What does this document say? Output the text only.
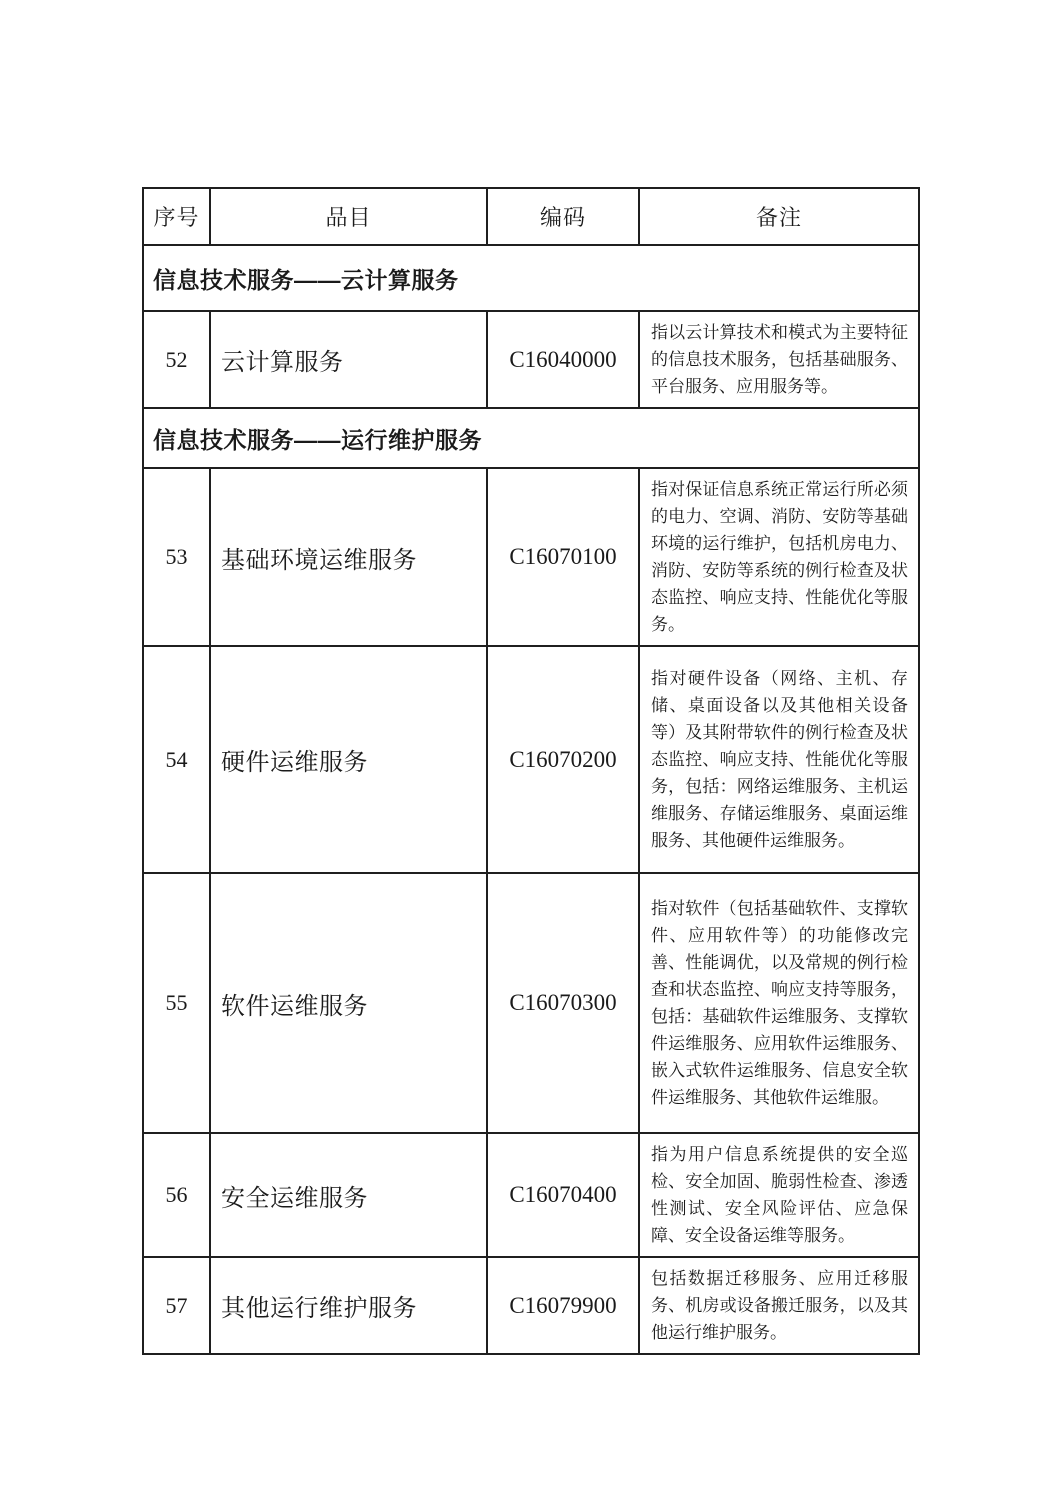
序号	品目	编码	备注
信息技术服务——云计算服务			
52	云计算服务	C16040000	指以云计算技术和模式为主要特征的信息技术服务，包括基础服务、平台服务、应用服务等。
信息技术服务——运行维护服务			
53	基础环境运维服务	C16070100	指对保证信息系统正常运行所必须的电力、空调、消防、安防等基础环境的运行维护，包括机房电力、消防、安防等系统的例行检查及状态监控、响应支持、性能优化等服务。
54	硬件运维服务	C16070200	指对硬件设备（网络、主机、存储、桌面设备以及其他相关设备等）及其附带软件的例行检查及状态监控、响应支持、性能优化等服务，包括：网络运维服务、主机运维服务、存储运维服务、桌面运维服务、其他硬件运维服务。
55	软件运维服务	C16070300	指对软件（包括基础软件、支撑软件、应用软件等）的功能修改完善、性能调优，以及常规的例行检查和状态监控、响应支持等服务，包括：基础软件运维服务、支撑软件运维服务、应用软件运维服务、嵌入式软件运维服务、信息安全软件运维服务、其他软件运维服。
56	安全运维服务	C16070400	指为用户信息系统提供的安全巡检、安全加固、脆弱性检查、渗透性测试、安全风险评估、应急保障、安全设备运维等服务。
57	其他运行维护服务	C16079900	包括数据迁移服务、应用迁移服务、机房或设备搬迁服务，以及其他运行维护服务。
